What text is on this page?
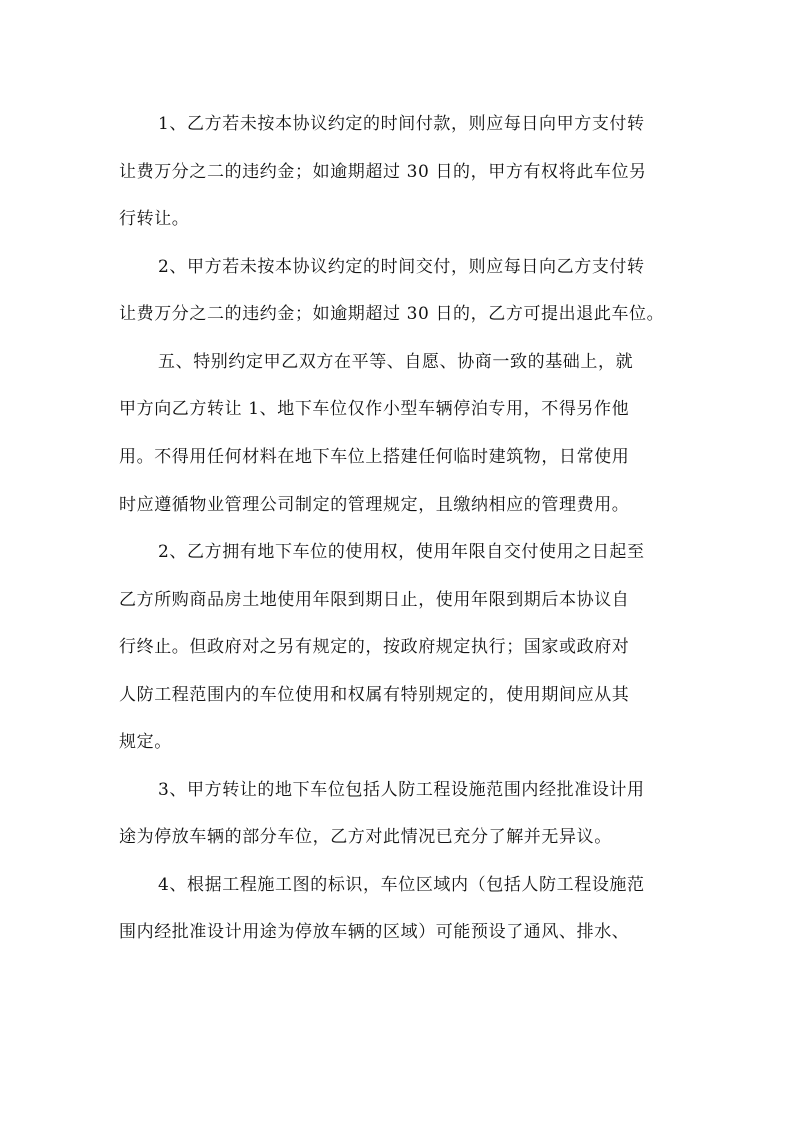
1、乙方若未按本协议约定的时间付款，则应每日向甲方支付转
让费万分之二的违约金；如逾期超过 30 日的，甲方有权将此车位另
行转让。
2、甲方若未按本协议约定的时间交付，则应每日向乙方支付转
让费万分之二的违约金；如逾期超过 30 日的，乙方可提出退此车位。
五、特别约定甲乙双方在平等、自愿、协商一致的基础上，就
甲方向乙方转让 1、地下车位仅作小型车辆停泊专用，不得另作他
用。不得用任何材料在地下车位上搭建任何临时建筑物，日常使用
时应遵循物业管理公司制定的管理规定，且缴纳相应的管理费用。
2、乙方拥有地下车位的使用权，使用年限自交付使用之日起至
乙方所购商品房土地使用年限到期日止，使用年限到期后本协议自
行终止。但政府对之另有规定的，按政府规定执行；国家或政府对
人防工程范围内的车位使用和权属有特别规定的，使用期间应从其
规定。
3、甲方转让的地下车位包括人防工程设施范围内经批准设计用
途为停放车辆的部分车位，乙方对此情况已充分了解并无异议。
4、根据工程施工图的标识，车位区域内（包括人防工程设施范
围内经批准设计用途为停放车辆的区域）可能预设了通风、排水、
